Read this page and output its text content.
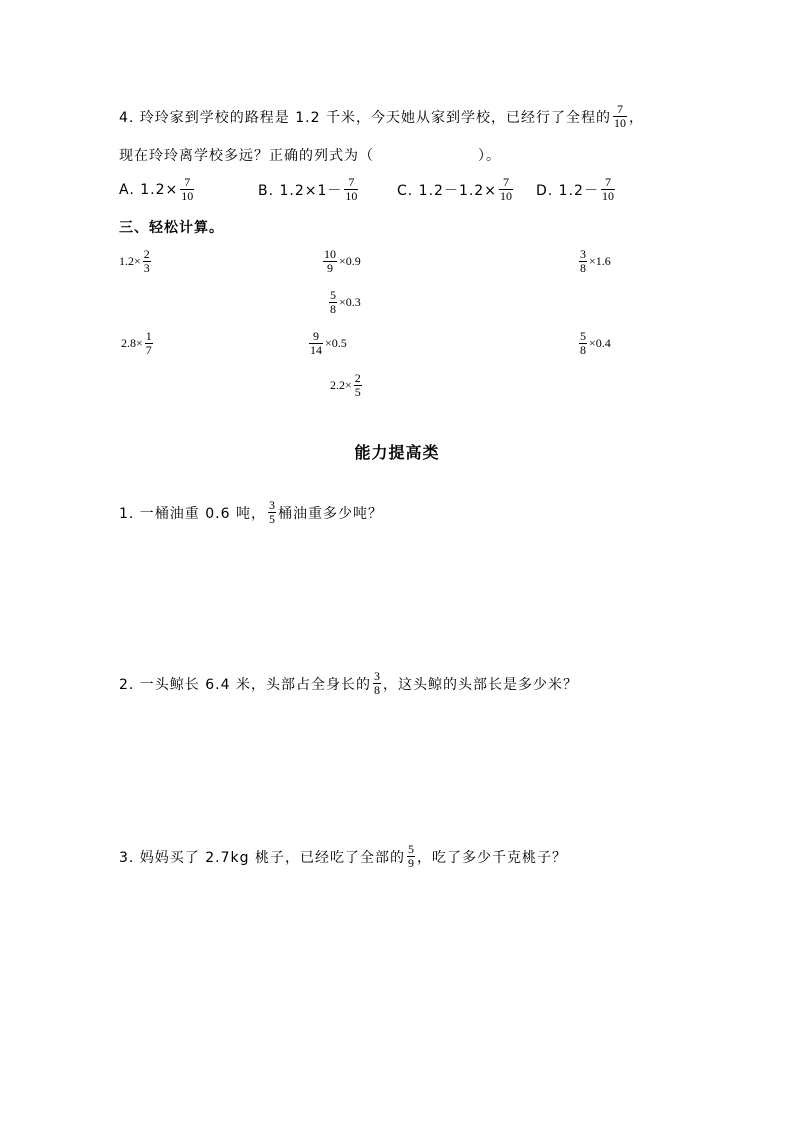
4. 玲玲家到学校的路程是 1.2 千米，今天她从家到学校，已经行了全程的 $\frac{7}{10}$ ，
现在玲玲离学校多远？正确的列式为（	）。
A. $1.2\times \frac{7}{10}$	B. $1.2\times 1- \frac{7}{10}$	C. $1.2-1.2\times \frac{7}{10} D$. $1.2- \frac{7}{10}$
三、轻松计算。
$1.2\times \frac{2}{3}$	$\frac{10}{9} \times 0.9$	$\frac{3}{8} \times 1.6$
$\frac{5}{8} \times 0.3$
$2.8\times \frac{1}{7}$	$\frac{9}{14} \times 0.5$	$\frac{5}{8} \times 0.4$
$2.2\times \frac{2}{5}$
能力提高类
1. 一桶油重 0.6 吨， $\frac{3}{5}$ 桶油重多少吨？
2. 一头鲸长 6.4 米，头部占全身长的 $\frac{3}{8}$ ，这头鲸的头部长是多少米？
3. 妈妈买了 2.7kg 桃子，已经吃了全部的 $\frac{5}{9}$ ，吃了多少千克桃子？
